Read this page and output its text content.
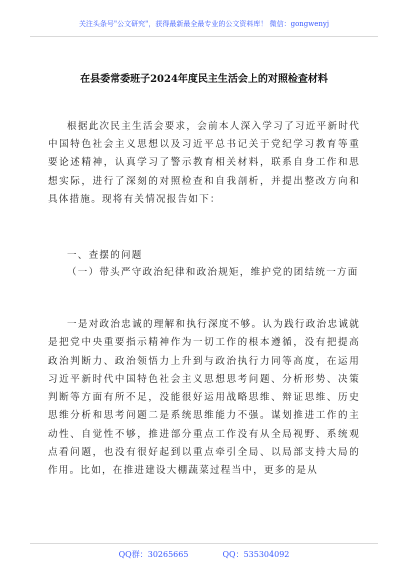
关注头条号"公文研究"，获得最新最全最专业的公文资料库！ 微信：gongwenyj
在县委常委班子2024年度民主生活会上的对照检查材料
根据此次民主生活会要求，会前本人深入学习了习近平新时代中国特色社会主义思想以及习近平总书记关于党纪学习教育等重要论述精神，认真学习了警示教育相关材料，联系自身工作和思想实际，进行了深刻的对照检查和自我剖析，并提出整改方向和具体措施。现将有关情况报告如下：
一、查摆的问题
（一）带头严守政治纪律和政治规矩，维护党的团结统一方面
一是对政治忠诚的理解和执行深度不够。认为践行政治忠诚就是把党中央重要指示精神作为一切工作的根本遵循，没有把提高政治判断力、政治领悟力上升到与政治执行力同等高度，在运用习近平新时代中国特色社会主义思想思考问题、分析形势、决策判断等方面有所不足，没能很好运用战略思维、辩证思维、历史思维分析和思考问题二是系统思维能力不强。谋划推进工作的主动性、自觉性不够，推进部分重点工作没有从全局视野、系统观点看问题，也没有很好起到以重点牵引全局、以局部支持大局的作用。比如，在推进建设大棚蔬菜过程当中，更多的是从
QQ群：30265665	QQ：535304092
